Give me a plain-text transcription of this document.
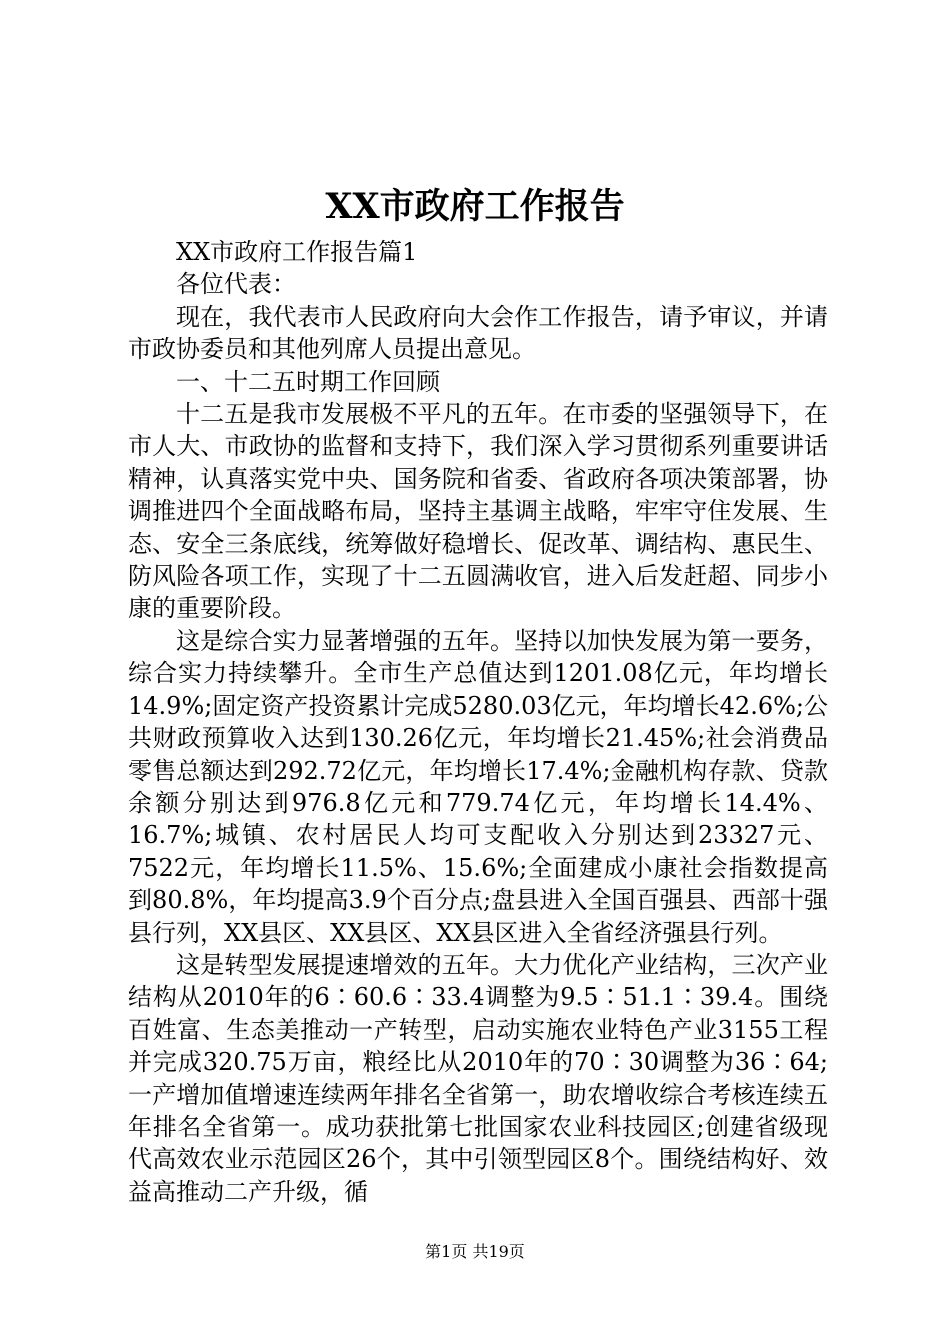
XX市政府工作报告

XX市政府工作报告篇1

各位代表：

现在，我代表市人民政府向大会作工作报告，请予审议，并请市政协委员和其他列席人员提出意见。

一、十二五时期工作回顾

十二五是我市发展极不平凡的五年。在市委的坚强领导下，在市人大、市政协的监督和支持下，我们深入学习贯彻系列重要讲话精神，认真落实党中央、国务院和省委、省政府各项决策部署，协调推进四个全面战略布局，坚持主基调主战略，牢牢守住发展、生态、安全三条底线，统筹做好稳增长、促改革、调结构、惠民生、防风险各项工作，实现了十二五圆满收官，进入后发赶超、同步小康的重要阶段。

这是综合实力显著增强的五年。坚持以加快发展为第一要务，综合实力持续攀升。全市生产总值达到1201.08亿元，年均增长14.9%;固定资产投资累计完成5280.03亿元，年均增长42.6%;公共财政预算收入达到130.26亿元，年均增长21.45%;社会消费品零售总额达到292.72亿元，年均增长17.4%;金融机构存款、贷款余额分别达到976.8亿元和779.74亿元，年均增长14.4%、16.7%;城镇、农村居民人均可支配收入分别达到23327元、7522元，年均增长11.5%、15.6%;全面建成小康社会指数提高到80.8%，年均提高3.9个百分点;盘县进入全国百强县、西部十强县行列，XX县区、XX县区、XX县区进入全省经济强县行列。

这是转型发展提速增效的五年。大力优化产业结构，三次产业结构从2010年的6∶60.6∶33.4调整为9.5∶51.1∶39.4。围绕百姓富、生态美推动一产转型，启动实施农业特色产业3155工程并完成320.75万亩，粮经比从2010年的70∶30调整为36∶64;一产增加值增速连续两年排名全省第一，助农增收综合考核连续五年排名全省第一。成功获批第七批国家农业科技园区;创建省级现代高效农业示范园区26个，其中引领型园区8个。围绕结构好、效益高推动二产升级，循

第1页 共19页
